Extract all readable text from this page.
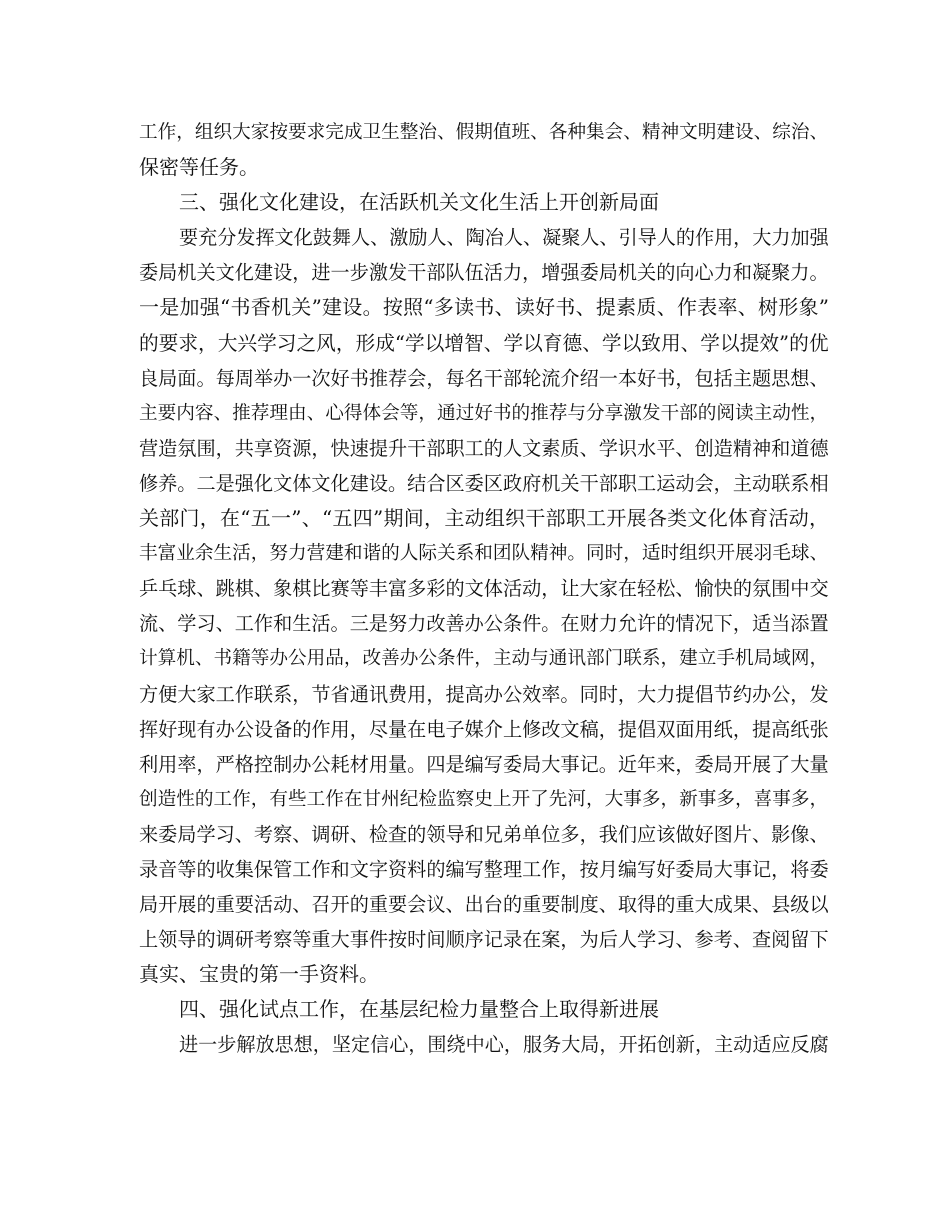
工作，组织大家按要求完成卫生整治、假期值班、各种集会、精神文明建设、综治、
保密等任务。
三、强化文化建设，在活跃机关文化生活上开创新局面
要充分发挥文化鼓舞人、激励人、陶冶人、凝聚人、引导人的作用，大力加强
委局机关文化建设，进一步激发干部队伍活力，增强委局机关的向心力和凝聚力。
一是加强“书香机关”建设。按照“多读书、读好书、提素质、作表率、树形象”
的要求，大兴学习之风，形成“学以增智、学以育德、学以致用、学以提效”的优
良局面。每周举办一次好书推荐会，每名干部轮流介绍一本好书，包括主题思想、
主要内容、推荐理由、心得体会等，通过好书的推荐与分享激发干部的阅读主动性，
营造氛围，共享资源，快速提升干部职工的人文素质、学识水平、创造精神和道德
修养。二是强化文体文化建设。结合区委区政府机关干部职工运动会，主动联系相
关部门，在“五一”、“五四”期间，主动组织干部职工开展各类文化体育活动，
丰富业余生活，努力营建和谐的人际关系和团队精神。同时，适时组织开展羽毛球、
乒乓球、跳棋、象棋比赛等丰富多彩的文体活动，让大家在轻松、愉快的氛围中交
流、学习、工作和生活。三是努力改善办公条件。在财力允许的情况下，适当添置
计算机、书籍等办公用品，改善办公条件，主动与通讯部门联系，建立手机局域网，
方便大家工作联系，节省通讯费用，提高办公效率。同时，大力提倡节约办公，发
挥好现有办公设备的作用，尽量在电子媒介上修改文稿，提倡双面用纸，提高纸张
利用率，严格控制办公耗材用量。四是编写委局大事记。近年来，委局开展了大量
创造性的工作，有些工作在甘州纪检监察史上开了先河，大事多，新事多，喜事多，
来委局学习、考察、调研、检查的领导和兄弟单位多，我们应该做好图片、影像、
录音等的收集保管工作和文字资料的编写整理工作，按月编写好委局大事记，将委
局开展的重要活动、召开的重要会议、出台的重要制度、取得的重大成果、县级以
上领导的调研考察等重大事件按时间顺序记录在案，为后人学习、参考、查阅留下
真实、宝贵的第一手资料。
四、强化试点工作，在基层纪检力量整合上取得新进展
进一步解放思想，坚定信心，围绕中心，服务大局，开拓创新，主动适应反腐
